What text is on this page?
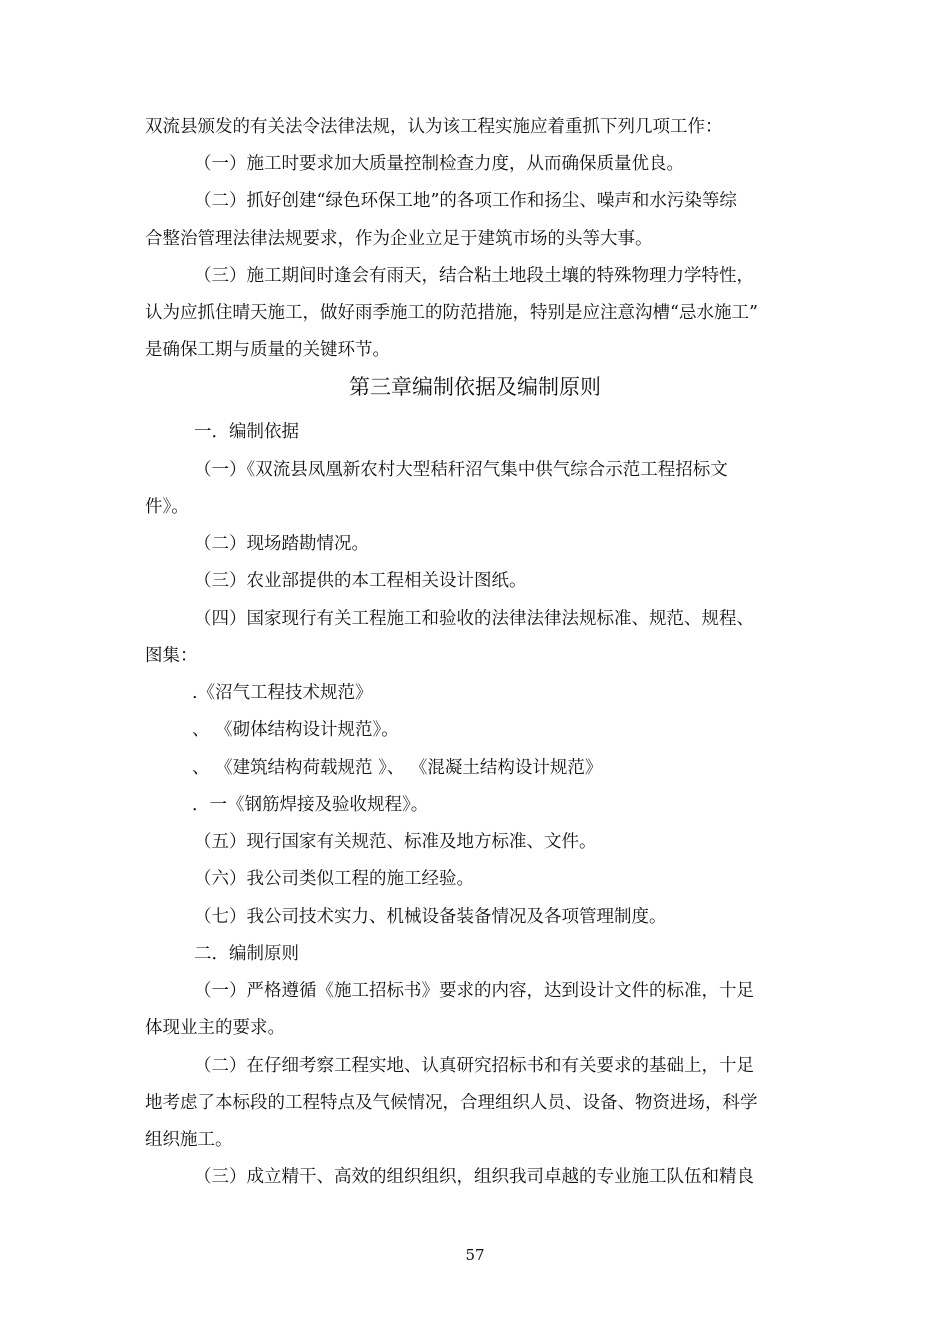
双流县颁发的有关法令法律法规，认为该工程实施应着重抓下列几项工作：
（一）施工时要求加大质量控制检查力度，从而确保质量优良。
（二）抓好创建“绿色环保工地”的各项工作和扬尘、噪声和水污染等综
合整治管理法律法规要求，作为企业立足于建筑市场的头等大事。
（三）施工期间时逢会有雨天，结合粘土地段土壤的特殊物理力学特性，
认为应抓住晴天施工，做好雨季施工的防范措施，特别是应注意沟槽“忌水施工”
是确保工期与质量的关键环节。
第三章编制依据及编制原则
一．编制依据
（一）《双流县凤凰新农村大型秸秆沼气集中供气综合示范工程招标文
件》。
（二）现场踏勘情况。
（三）农业部提供的本工程相关设计图纸。
（四）国家现行有关工程施工和验收的法律法律法规标准、规范、规程、
图集：
.《沼气工程技术规范》
、 《砌体结构设计规范》。
、 《建筑结构荷载规范 》、 《混凝土结构设计规范》
．一《钢筋焊接及验收规程》。
（五）现行国家有关规范、标准及地方标准、文件。
（六）我公司类似工程的施工经验。
（七）我公司技术实力、机械设备装备情况及各项管理制度。
二．编制原则
（一）严格遵循《施工招标书》要求的内容，达到设计文件的标准，十足
体现业主的要求。
（二）在仔细考察工程实地、认真研究招标书和有关要求的基础上，十足
地考虑了本标段的工程特点及气候情况，合理组织人员、设备、物资进场，科学
组织施工。
（三）成立精干、高效的组织组织，组织我司卓越的专业施工队伍和精良
57
